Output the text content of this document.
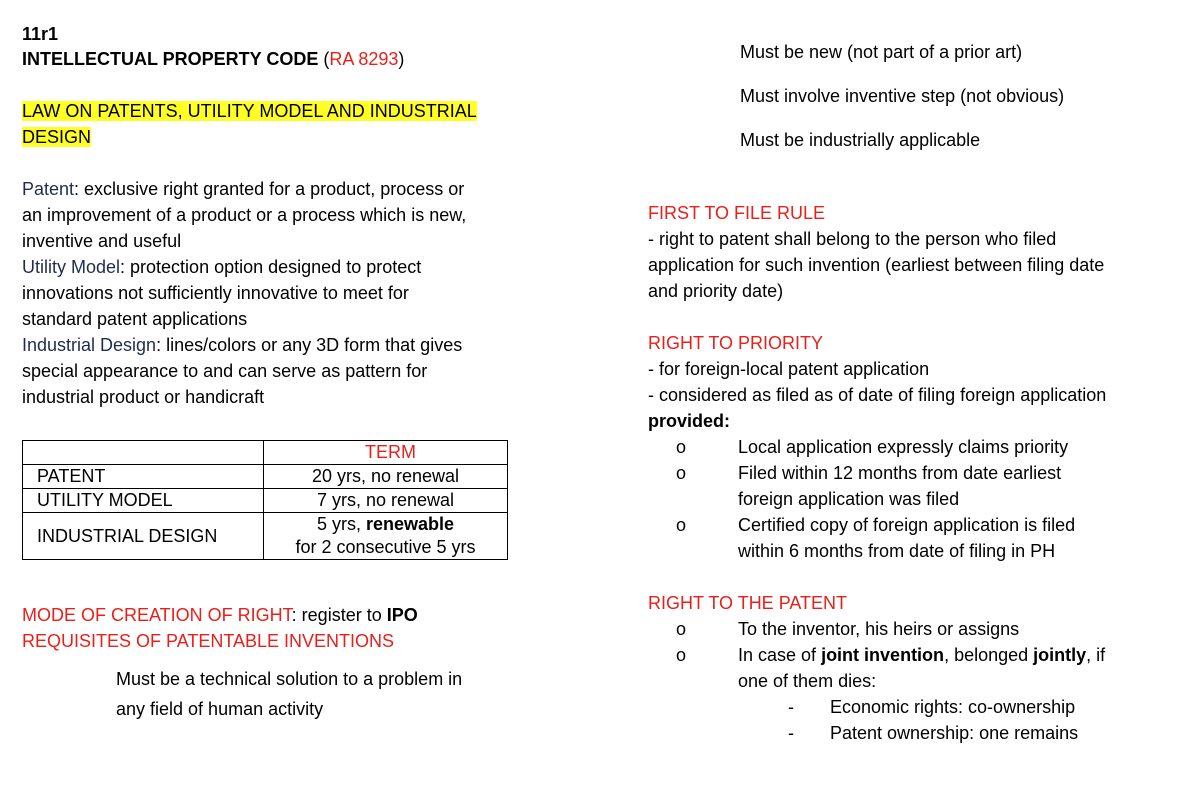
11r1
INTELLECTUAL PROPERTY CODE (RA 8293)
LAW ON PATENTS, UTILITY MODEL AND INDUSTRIAL
DESIGN
Patent: exclusive right granted for a product, process or
an improvement of a product or a process which is new,
inventive and useful
Utility Model: protection option designed to protect
innovations not sufficiently innovative to meet for
standard patent applications
Industrial Design: lines/colors or any 3D form that gives
special appearance to and can serve as pattern for
industrial product or handicraft
	TERM
PATENT	20 yrs, no renewal
UTILITY MODEL	7 yrs, no renewal
INDUSTRIAL DESIGN	5 yrs, renewable
for 2 consecutive 5 yrs
MODE OF CREATION OF RIGHT: register to IPO
REQUISITES OF PATENTABLE INVENTIONS
Must be a technical solution to a problem in
any field of human activity
Must be new (not part of a prior art)
Must involve inventive step (not obvious)
Must be industrially applicable
FIRST TO FILE RULE
- right to patent shall belong to the person who filed
application for such invention (earliest between filing date
and priority date)
RIGHT TO PRIORITY
- for foreign-local patent application
- considered as filed as of date of filing foreign application
provided:
o	Local application expressly claims priority
o	Filed within 12 months from date earliest
foreign application was filed
o	Certified copy of foreign application is filed
within 6 months from date of filing in PH
RIGHT TO THE PATENT
o	To the inventor, his heirs or assigns
o	In case of joint invention, belonged jointly, if
one of them dies:
- Economic rights: co-ownership
- Patent ownership: one remains
